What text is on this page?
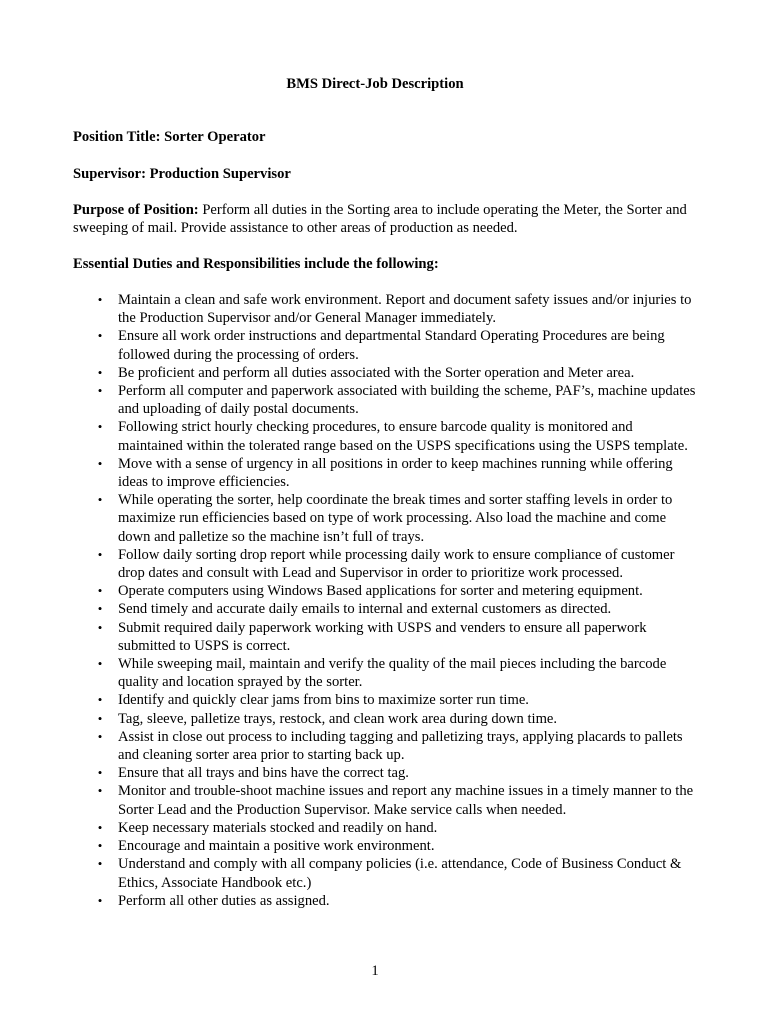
BMS Direct-Job Description
Position Title: Sorter Operator
Supervisor: Production Supervisor
Purpose of Position: Perform all duties in the Sorting area to include operating the Meter, the Sorter and sweeping of mail. Provide assistance to other areas of production as needed.
Essential Duties and Responsibilities include the following:
• Maintain a clean and safe work environment. Report and document safety issues and/or injuries to the Production Supervisor and/or General Manager immediately.
• Ensure all work order instructions and departmental Standard Operating Procedures are being followed during the processing of orders.
• Be proficient and perform all duties associated with the Sorter operation and Meter area.
• Perform all computer and paperwork associated with building the scheme, PAF’s, machine updates and uploading of daily postal documents.
• Following strict hourly checking procedures, to ensure barcode quality is monitored and maintained within the tolerated range based on the USPS specifications using the USPS template.
• Move with a sense of urgency in all positions in order to keep machines running while offering ideas to improve efficiencies.
• While operating the sorter, help coordinate the break times and sorter staffing levels in order to maximize run efficiencies based on type of work processing. Also load the machine and come down and palletize so the machine isn’t full of trays.
• Follow daily sorting drop report while processing daily work to ensure compliance of customer drop dates and consult with Lead and Supervisor in order to prioritize work processed.
• Operate computers using Windows Based applications for sorter and metering equipment.
• Send timely and accurate daily emails to internal and external customers as directed.
• Submit required daily paperwork working with USPS and venders to ensure all paperwork submitted to USPS is correct.
• While sweeping mail, maintain and verify the quality of the mail pieces including the barcode quality and location sprayed by the sorter.
• Identify and quickly clear jams from bins to maximize sorter run time.
• Tag, sleeve, palletize trays, restock, and clean work area during down time.
• Assist in close out process to including tagging and palletizing trays, applying placards to pallets and cleaning sorter area prior to starting back up.
• Ensure that all trays and bins have the correct tag.
• Monitor and trouble-shoot machine issues and report any machine issues in a timely manner to the Sorter Lead and the Production Supervisor. Make service calls when needed.
• Keep necessary materials stocked and readily on hand.
• Encourage and maintain a positive work environment.
• Understand and comply with all company policies (i.e. attendance, Code of Business Conduct & Ethics, Associate Handbook etc.)
• Perform all other duties as assigned.
1
